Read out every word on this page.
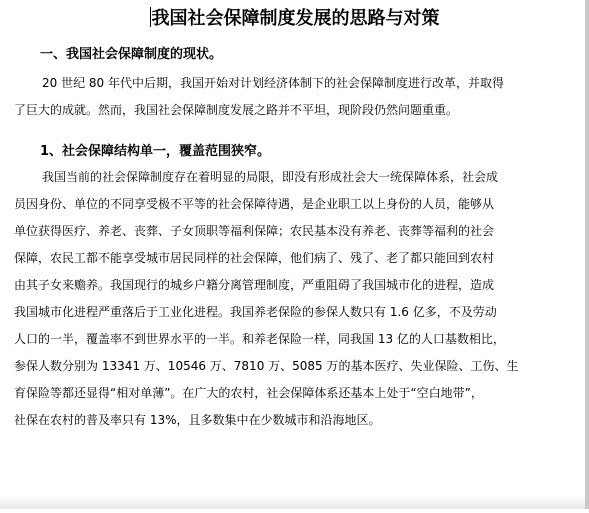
我国社会保障制度发展的思路与对策
一、我国社会保障制度的现状。
20 世纪 80 年代中后期，我国开始对计划经济体制下的社会保障制度进行改革，并取得
了巨大的成就。然而，我国社会保障制度发展之路并不平坦，现阶段仍然问题重重。
1、社会保障结构单一，覆盖范围狭窄。
我国当前的社会保障制度存在着明显的局限，即没有形成社会大一统保障体系，社会成
员因身份、单位的不同享受极不平等的社会保障待遇，是企业职工以上身份的人员，能够从
单位获得医疗、养老、丧葬、子女顶职等福利保障；农民基本没有养老、丧葬等福利的社会
保障，农民工都不能享受城市居民同样的社会保障，他们病了、残了、老了都只能回到农村
由其子女来赡养。我国现行的城乡户籍分离管理制度，严重阻碍了我国城市化的进程，造成
我国城市化进程严重落后于工业化进程。我国养老保险的参保人数只有 1.6 亿多，不及劳动
人口的一半，覆盖率不到世界水平的一半。和养老保险一样，同我国 13 亿的人口基数相比，
参保人数分别为 13341 万、10546 万、7810 万、5085 万的基本医疗、失业保险、工伤、生
育保险等都还显得“相对单薄”。在广大的农村，社会保障体系还基本上处于“空白地带”，
社保在农村的普及率只有 13%，且多数集中在少数城市和沿海地区。
